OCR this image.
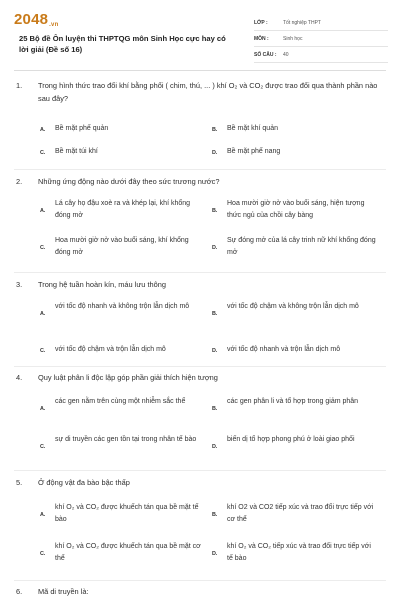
2048.vn
25 Bộ đề Ôn luyện thi THPTQG môn Sinh Học cực hay có lời giải (Đề số 16)
LỚP :	Tốt nghiệp THPT
MÔN :	Sinh học
SỐ CÂU :	40
1.	Trong hình thức trao đổi khí bằng phổi ( chim, thú, ... ) khí O₂ và CO₂ được trao đổi qua thành phần nào sau đây?
A. Bề mặt phế quản	B. Bề mặt khí quản
C. Bề mặt túi khí	D. Bề mặt phế nang
2.	Những ứng động nào dưới đây theo sức trương nước?
A.
Lá cây họ đậu xoè ra và khép lại, khí khổng đóng mở
B.
Hoa mười giờ nở vào buổi sáng, hiện tượng thức ngủ của chồi cây bàng
C.
Hoa mười giờ nở vào buổi sáng, khí khổng đóng mở
D.
Sự đóng mở của lá cây trinh nữ khí khổng đóng mở
3.	Trong hệ tuần hoàn kín, máu lưu thông
A.
với tốc độ nhanh và không trộn lẫn dịch mô
B.
với tốc độ chậm và không trộn lẫn dịch mô
C. với tốc độ chậm và trộn lẫn dịch mô	D. với tốc độ nhanh và trộn lẫn dịch mô
4.	Quy luật phân li độc lập góp phần giải thích hiện tượng
A.
các gen nằm trên cùng một nhiễm sắc thể
B.
các gen phân li và tổ hợp trong giảm phân
C.
sự di truyền các gen tồn tại trong nhân tế bào
D.
biến dị tổ hợp phong phú ở loài giao phối
5.	Ở động vật đa bào bậc thấp
A.
khí O₂ và CO₂ được khuếch tán qua bề mặt tế bào
B.
khí O2 và CO2 tiếp xúc và trao đổi trực tiếp với cơ thể
C.
khí O₂ và CO₂ được khuếch tán qua bề mặt cơ thể
D.
khí O₂ và CO₂ tiếp xúc và trao đổi trực tiếp với tế bào
6.	Mã di truyền là:
